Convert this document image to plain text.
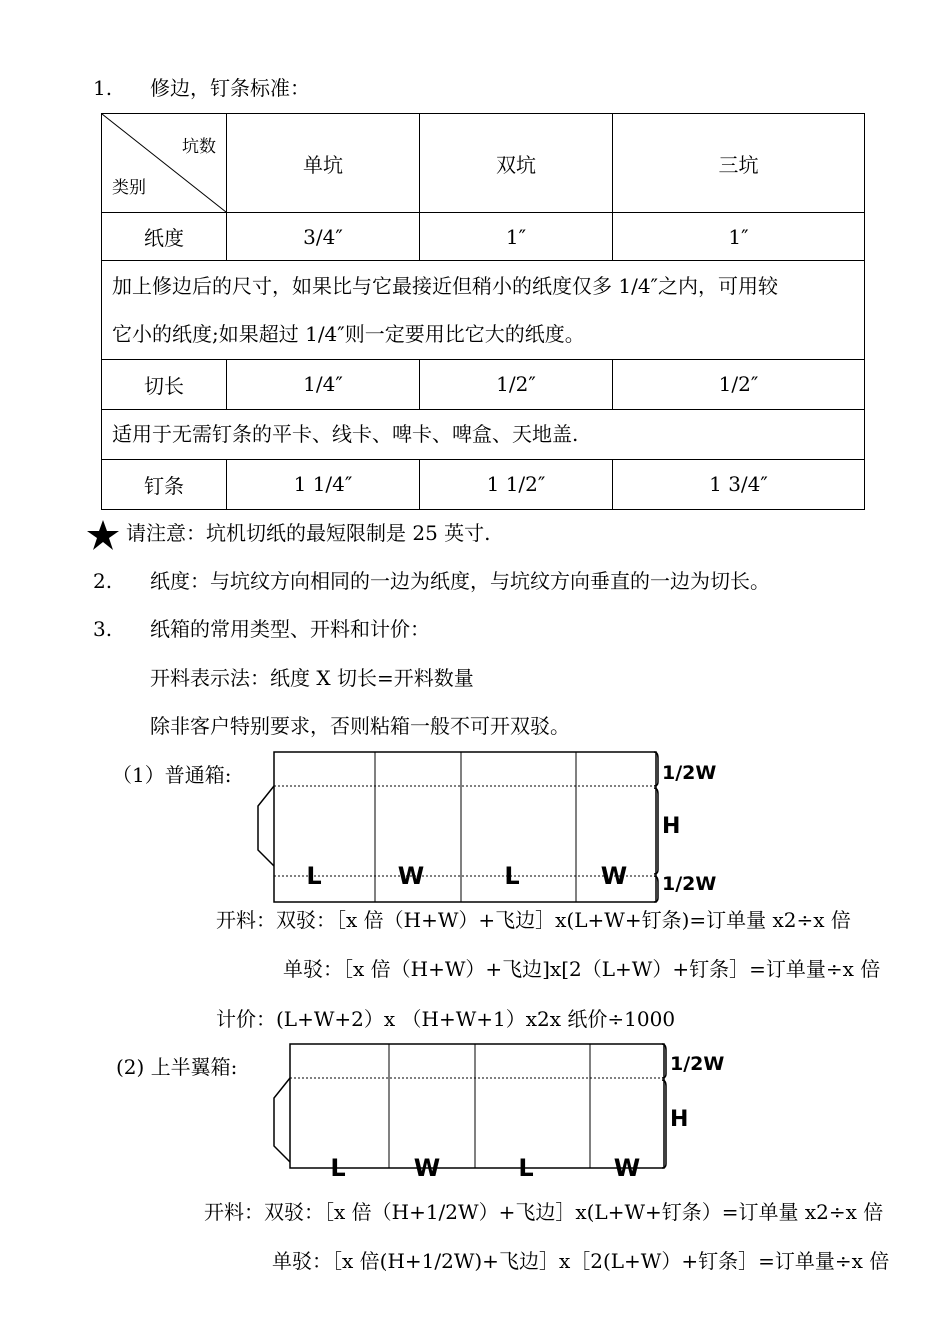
1. 修边，钉条标准：
坑数
类别	单坑	双坑	三坑
纸度	3/4″	1″	1″

加上修边后的尺寸，如果比与它最接近但稍小的纸度仅多 1/4″之内，可用较
它小的纸度;如果超过 1/4″则一定要用比它大的纸度。			

切长	1/4″	1/2″	1/2″
适用于无需钉条的平卡、线卡、啤卡、啤盒、天地盖.			
钉条	1 1/4″	1 1/2″	1 3/4″
请注意：坑机切纸的最短限制是 25 英寸.
2. 纸度：与坑纹方向相同的一边为纸度，与坑纹方向垂直的一边为切长。
3. 纸箱的常用类型、开料和计价：
开料表示法：纸度 X 切长=开料数量
除非客户特别要求，否则粘箱一般不可开双驳。
（1）普通箱:
L	W	L	W
1/2W
H
1/2W
开料：双驳：［x 倍（H+W）+飞边］x(L+W+钉条)=订单量 x2÷x 倍
单驳：［x 倍（H+W）+飞边]x[2（L+W）+钉条］=订单量÷x 倍
计价：(L+W+2）x （H+W+1）x2x 纸价÷1000
(2) 上半翼箱:
L	W	L	W
1/2W
H
开料：双驳：［x 倍（H+1/2W）+飞边］x(L+W+钉条）=订单量 x2÷x 倍
单驳：［x 倍(H+1/2W)+飞边］x［2(L+W）+钉条］=订单量÷x 倍
